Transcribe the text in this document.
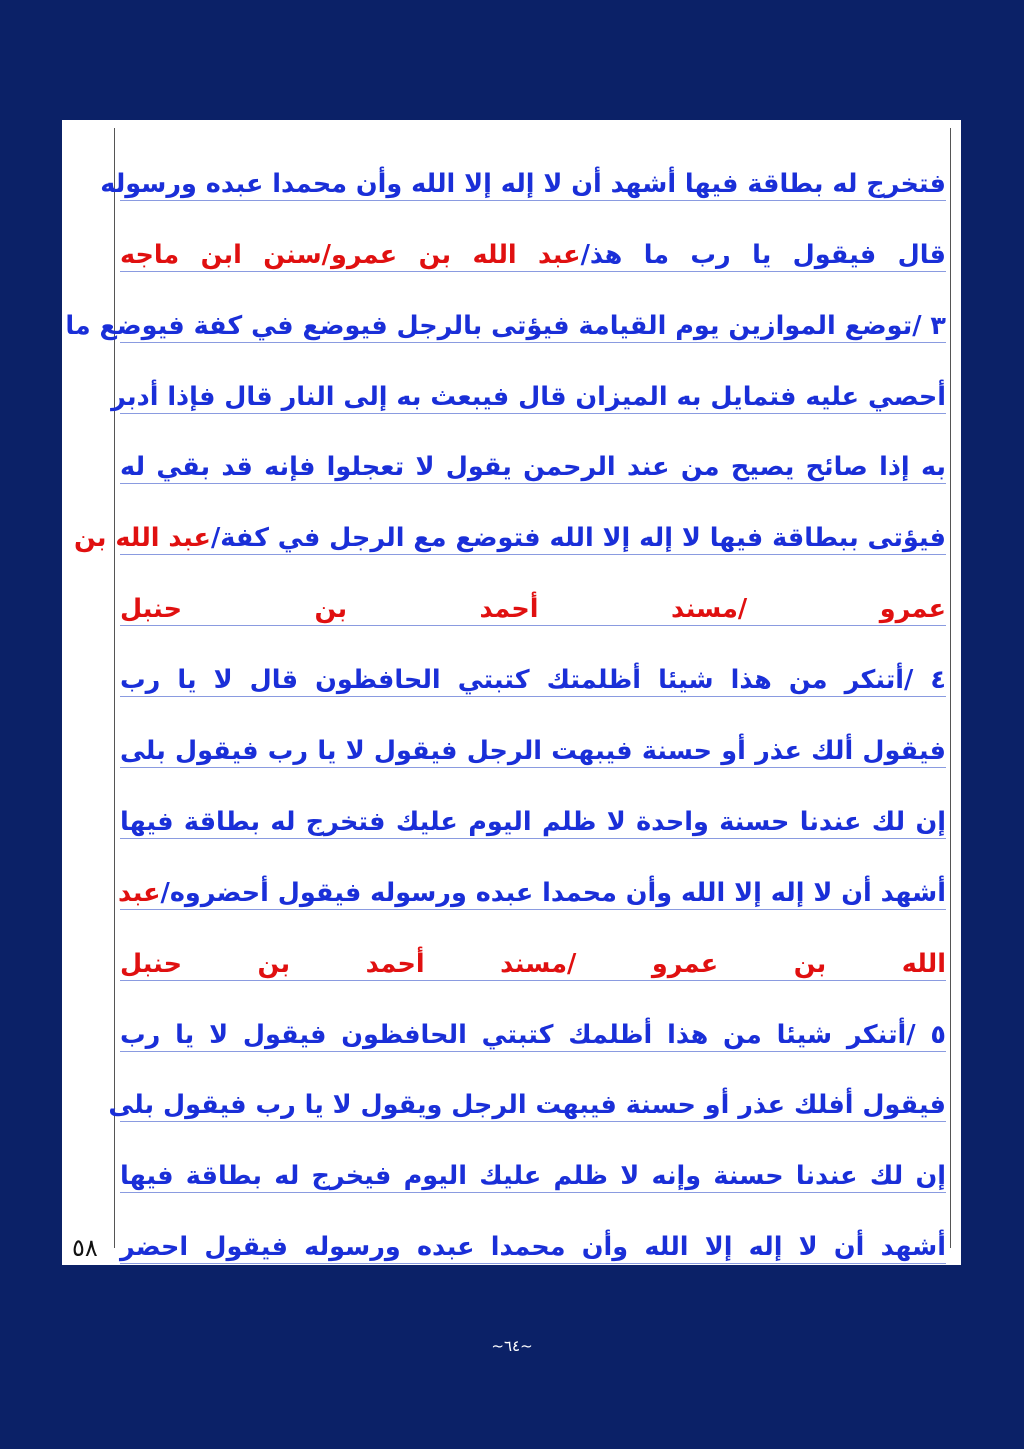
فتخرج له بطاقة فيها أشهد أن لا إله إلا الله وأن محمدا عبده ورسوله
قال فيقول يا رب ما هذ/عبد الله بن عمرو/سنن ابن ماجه
٣ /توضع الموازين يوم القيامة فيؤتى بالرجل فيوضع في كفة فيوضع ما
أحصي عليه فتمايل به الميزان قال فيبعث به إلى النار قال فإذا أدبر
به إذا صائح يصيح من عند الرحمن يقول لا تعجلوا فإنه قد بقي له
فيؤتى ببطاقة فيها لا إله إلا الله فتوضع مع الرجل في كفة/عبد الله بن
عمرو /مسند أحمد بن حنبل
٤ /أتنكر من هذا شيئا أظلمتك كتبتي الحافظون قال لا يا رب
فيقول ألك عذر أو حسنة فيبهت الرجل فيقول لا يا رب فيقول بلى
إن لك عندنا حسنة واحدة لا ظلم اليوم عليك فتخرج له بطاقة فيها
أشهد أن لا إله إلا الله وأن محمدا عبده ورسوله فيقول أحضروه/عبد
الله بن عمرو /مسند أحمد بن حنبل
٥ /أتنكر شيئا من هذا أظلمك كتبتي الحافظون فيقول لا يا رب
فيقول أفلك عذر أو حسنة فيبهت الرجل ويقول لا يا رب فيقول بلى
إن لك عندنا حسنة وإنه لا ظلم عليك اليوم فيخرج له بطاقة فيها
أشهد أن لا إله إلا الله وأن محمدا عبده ورسوله فيقول احضر
٥٨
~٦٤~
